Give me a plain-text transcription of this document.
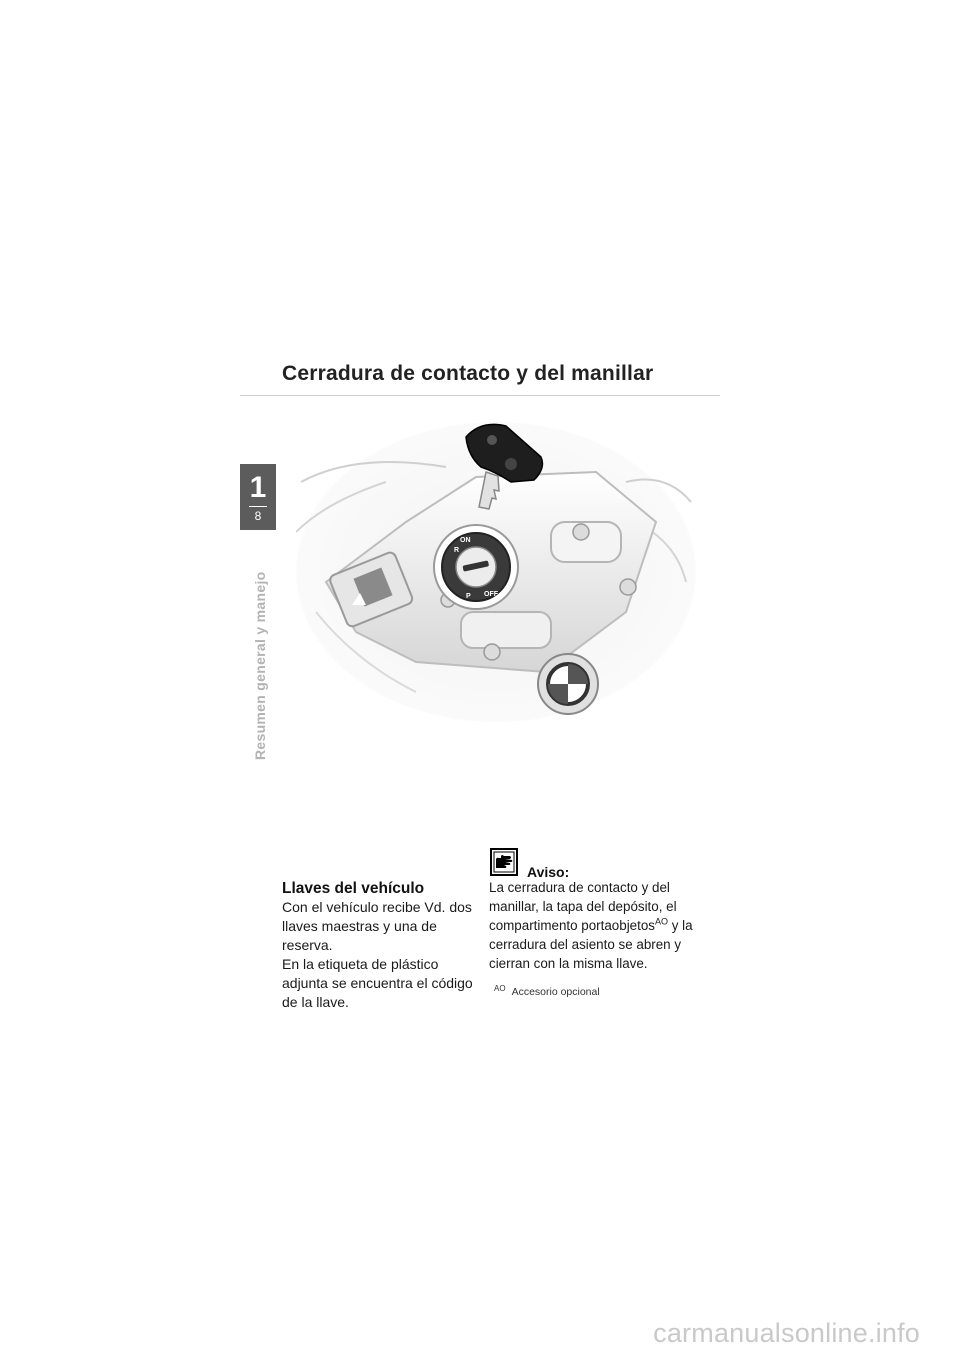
Cerradura de contacto y del manillar
1
8
Resumen general y manejo
R
ON
OFF
P
Llaves del vehículo

Con el vehículo recibe Vd. dos llaves maestras y una de reserva.

En la etiqueta de plástico adjunta se encuentra el código de la llave.

Aviso:

La cerradura de contacto y del manillar, la tapa del depósito, el compartimento portaobjetos$^{AO}$ y la cerradura del asiento se abren y cierran con la misma llave.

$^{AO}$ Accesorio opcional
carmanualsonline.info
